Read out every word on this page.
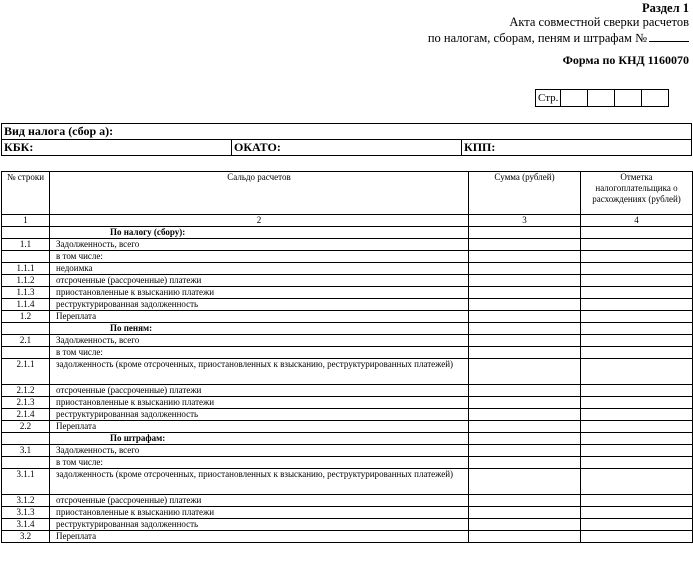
Раздел 1
Акта совместной сверки расчетов
по налогам, сборам, пеням и штрафам №
Форма по КНД 1160070
Стр.				
Вид налога (сбор а):
КБК:	ОКАТО:	КПП:
№ строки	Сальдо расчетов	Сумма (рублей)	Отметка налогоплательщика о расхождениях (рублей)
1	2	3	4
	По налогу (сбору):		
1.1	Задолженность, всего		
	в том числе:		
1.1.1	недоимка		
1.1.2	отсроченные (рассроченные) платежи		
1.1.3	приостановленные к взысканию платежи		
1.1.4	реструктурированная задолженность		
1.2	Переплата		
	По пеням:		
2.1	Задолженность, всего		
	в том числе:		
2.1.1	задолженность (кроме отсроченных, приостановленных к взысканию, реструктурированных платежей)		
2.1.2	отсроченные (рассроченные) платежи		
2.1.3	приостановленные к взысканию платежи		
2.1.4	реструктурированная задолженность		
2.2	Переплата		
	По штрафам:		
3.1	Задолженность, всего		
	в том числе:		
3.1.1	задолженность (кроме отсроченных, приостановленных к взысканию, реструктурированных платежей)		
3.1.2	отсроченные (рассроченные) платежи		
3.1.3	приостановленные к взысканию платежи		
3.1.4	реструктурированная задолженность		
3.2	Переплата		
